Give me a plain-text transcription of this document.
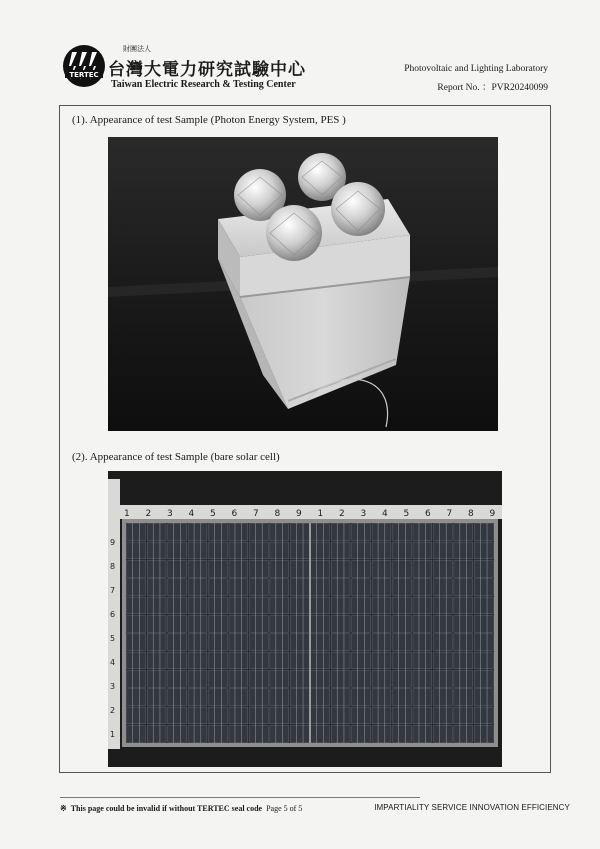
TERTEC
財團法人
台灣大電力研究試驗中心
Taiwan Electric Research & Testing Center
Photovoltaic and Lighting Laboratory
Report No. ：PVR20240099
(1). Appearance of test Sample (Photon Energy System, PES )
(2). Appearance of test Sample (bare solar cell)
1 2 3 4 5 6 7 8 9 1 2 3 4 5 6 7 8 9
1
2
3
4
5
6
7
8
9
※ This page could be invalid if without TERTEC seal code Page 5 of 5	IMPARTIALITY SERVICE INNOVATION EFFICIENCY
